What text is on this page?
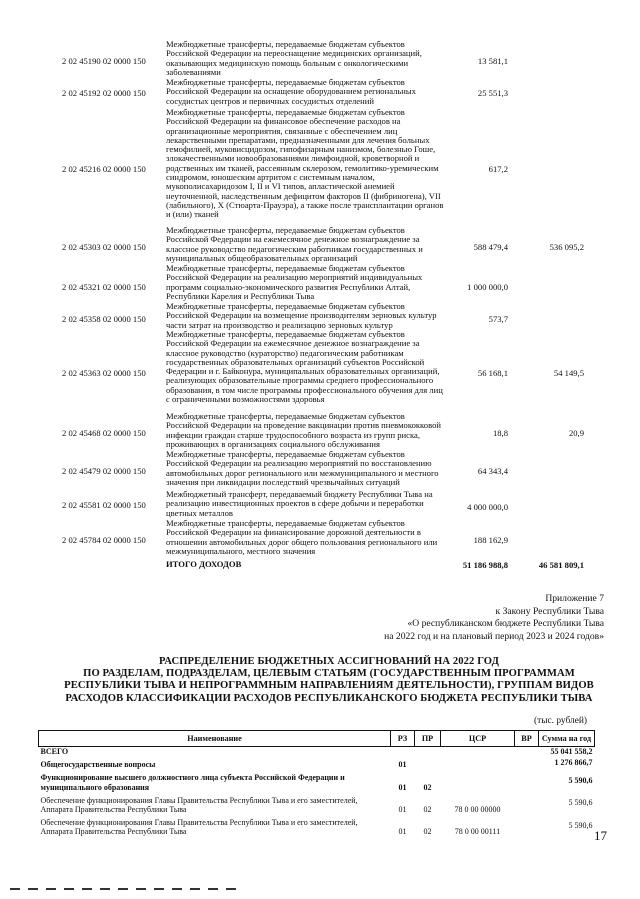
2 02 45190 02 0000 150
Межбюджетные трансферты, передаваемые бюджетам субъектов Российской Федерации на переоснащение медицинских организаций, оказывающих медицинскую помощь больным с онкологическими заболеваниями
13 581,1
2 02 45192 02 0000 150
Межбюджетные трансферты, передаваемые бюджетам субъектов Российской Федерации на оснащение оборудованием региональных сосудистых центров и первичных сосудистых отделений
25 551,3
2 02 45216 02 0000 150
Межбюджетные трансферты, передаваемые бюджетам субъектов Российской Федерации на финансовое обеспечение расходов на организационные мероприятия, связанные с обеспечением лиц лекарственными препаратами, предназначенными для лечения больных гемофилией, муковисцидозом, гипофизарным нанизмом, болезнью Гоше, злокачественными новообразованиями лимфоидной, кроветворной и родственных им тканей, рассеянным склерозом, гемолитико-уремическим синдромом, юношеским артритом с системным началом, мукополисахаридозом I, II и VI типов, апластической анемией неуточненной, наследственным дефицитом факторов II (фибриногена), VII (лабильного), X (Стюарта-Прауэра), а также после трансплантации органов и (или) тканей
617,2
2 02 45303 02 0000 150
Межбюджетные трансферты, передаваемые бюджетам субъектов Российской Федерации на ежемесячное денежное вознаграждение за классное руководство педагогическим работникам государственных и муниципальных общеобразовательных организаций
588 479,4	536 095,2
2 02 45321 02 0000 150
Межбюджетные трансферты, передаваемые бюджетам субъектов Российской Федерации на реализацию мероприятий индивидуальных программ социально-экономического развития Республики Алтай, Республики Карелия и Республики Тыва
1 000 000,0
2 02 45358 02 0000 150
Межбюджетные трансферты, передаваемые бюджетам субъектов Российской Федерации на возмещение производителям зерновых культур части затрат на производство и реализацию зерновых культур
573,7
2 02 45363 02 0000 150
Межбюджетные трансферты, передаваемые бюджетам субъектов Российской Федерации на ежемесячное денежное вознаграждение за классное руководство (кураторство) педагогическим работникам государственных образовательных организаций субъектов Российской Федерации и г. Байконура, муниципальных образовательных организаций, реализующих образовательные программы среднего профессионального образования, в том числе программы профессионального обучения для лиц с ограниченными возможностями здоровья
56 168,1	54 149,5
2 02 45468 02 0000 150
Межбюджетные трансферты, передаваемые бюджетам субъектов Российской Федерации на проведение вакцинации против пневмококковой инфекции граждан старше трудоспособного возраста из групп риска, проживающих в организациях социального обслуживания
18,8	20,9
2 02 45479 02 0000 150
Межбюджетные трансферты, передаваемые бюджетам субъектов Российской Федерации на реализацию мероприятий по восстановлению автомобильных дорог регионального или межмуниципального и местного значения при ликвидации последствий чрезвычайных ситуаций
64 343,4
2 02 45581 02 0000 150
Межбюджетный трансферт, передаваемый бюджету Республики Тыва на реализацию инвестиционных проектов в сфере добычи и переработки цветных металлов
4 000 000,0
2 02 45784 02 0000 150
Межбюджетные трансферты, передаваемые бюджетам субъектов Российской Федерации на финансирование дорожной деятельности в отношении автомобильных дорог общего пользования регионального или межмуниципального, местного значения
188 162,9
ИТОГО ДОХОДОВ	51 186 988,8	46 581 809,1
Приложение 7
к Закону Республики Тыва
«О республиканском бюджете Республики Тыва
на 2022 год и на плановый период 2023 и 2024 годов»
РАСПРЕДЕЛЕНИЕ БЮДЖЕТНЫХ АССИГНОВАНИЙ НА 2022 ГОД
ПО РАЗДЕЛАМ, ПОДРАЗДЕЛАМ, ЦЕЛЕВЫМ СТАТЬЯМ (ГОСУДАРСТВЕННЫМ ПРОГРАММАМ
РЕСПУБЛИКИ ТЫВА И НЕПРОГРАММНЫМ НАПРАВЛЕНИЯМ ДЕЯТЕЛЬНОСТИ), ГРУППАМ ВИДОВ
РАСХОДОВ КЛАССИФИКАЦИИ РАСХОДОВ РЕСПУБЛИКАНСКОГО БЮДЖЕТА РЕСПУБЛИКИ ТЫВА
(тыс. рублей)
Наименование	РЗ	ПР	ЦСР	ВР	Сумма на год
ВСЕГО					55 041 558,2
Общегосударственные вопросы	01				1 276 866,7
Функционирование высшего должностного лица субъекта Российской Федерации и муниципального образования	01	02			5 590,6
Обеспечение функционирования Главы Правительства Республики Тыва и его заместителей, Аппарата Правительства Республики Тыва	01	02	78 0 00 00000		5 590,6
Обеспечение функционирования Главы Правительства Республики Тыва и его заместителей, Аппарата Правительства Республики Тыва	01	02	78 0 00 00111		5 590,6
17
